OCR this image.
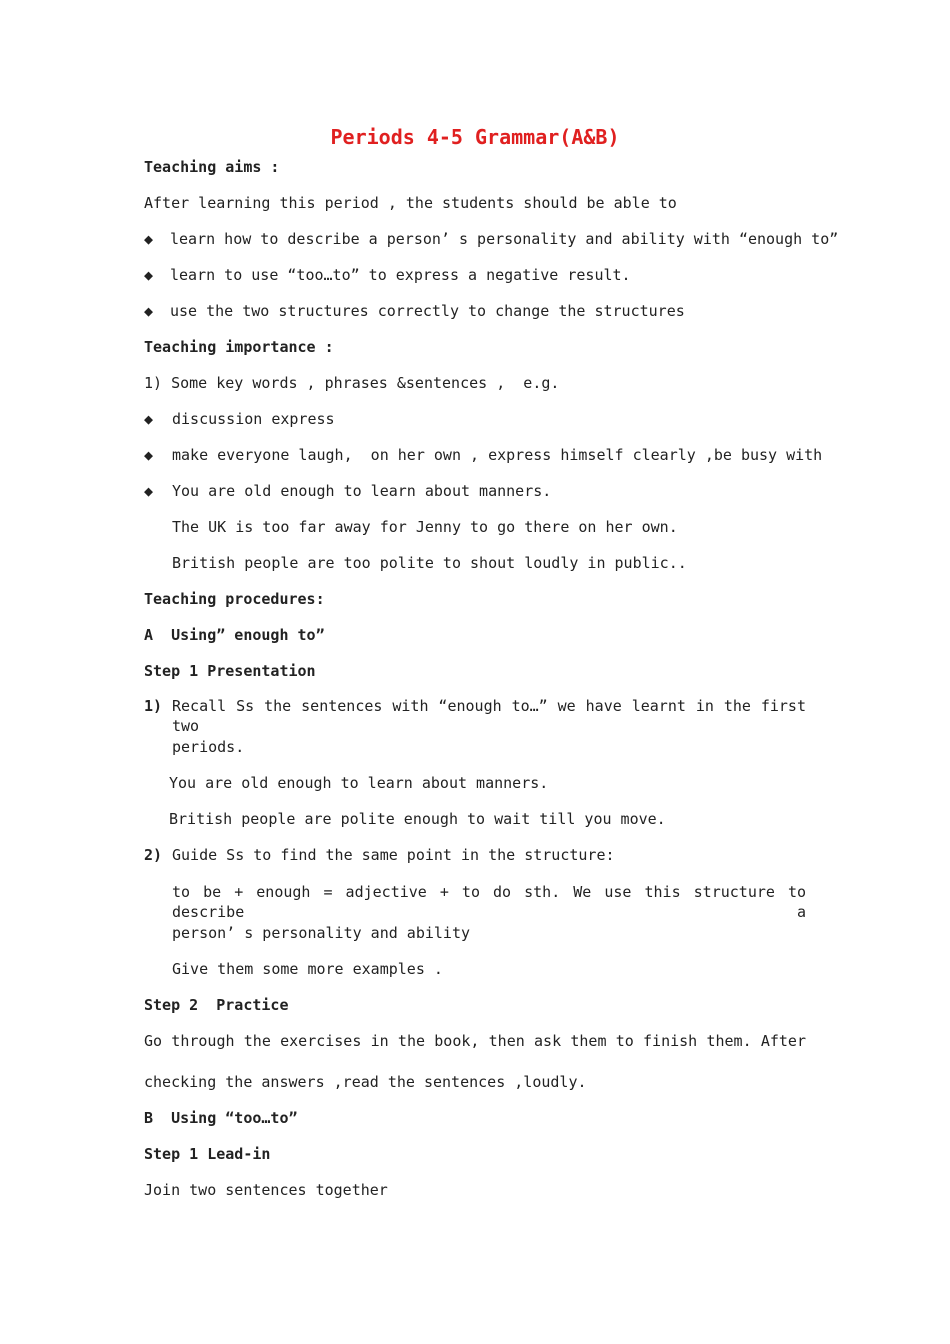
Periods 4-5 Grammar(A&B)
Teaching aims :
After learning this period , the students should be able to
◆	learn how to describe a person’ s personality and ability with “enough to”
◆	learn to use “too…to” to express a negative result.
◆	use the two structures correctly to change the structures
Teaching importance :
1) Some key words , phrases &sentences ,  e.g.
◆	discussion express
◆	make everyone laugh,  on her own , express himself clearly ,be busy with
◆	You are old enough to learn about manners.
The UK is too far away for Jenny to go there on her own.
British people are too polite to shout loudly in public..
Teaching procedures:
A  Using” enough to”
Step 1 Presentation
1) Recall Ss the sentences with “enough to…” we have learnt in the first two
periods.
You are old enough to learn about manners.
British people are polite enough to wait till you move.
2) Guide Ss to find the same point in the structure:
to be + enough = adjective + to do sth. We use this structure to describe a
person’ s personality and ability
Give them some more examples .
Step 2  Practice
Go through the exercises in the book, then ask them to finish them. After
checking the answers ,read the sentences ,loudly.
B  Using “too…to”
Step 1 Lead-in
Join two sentences together
